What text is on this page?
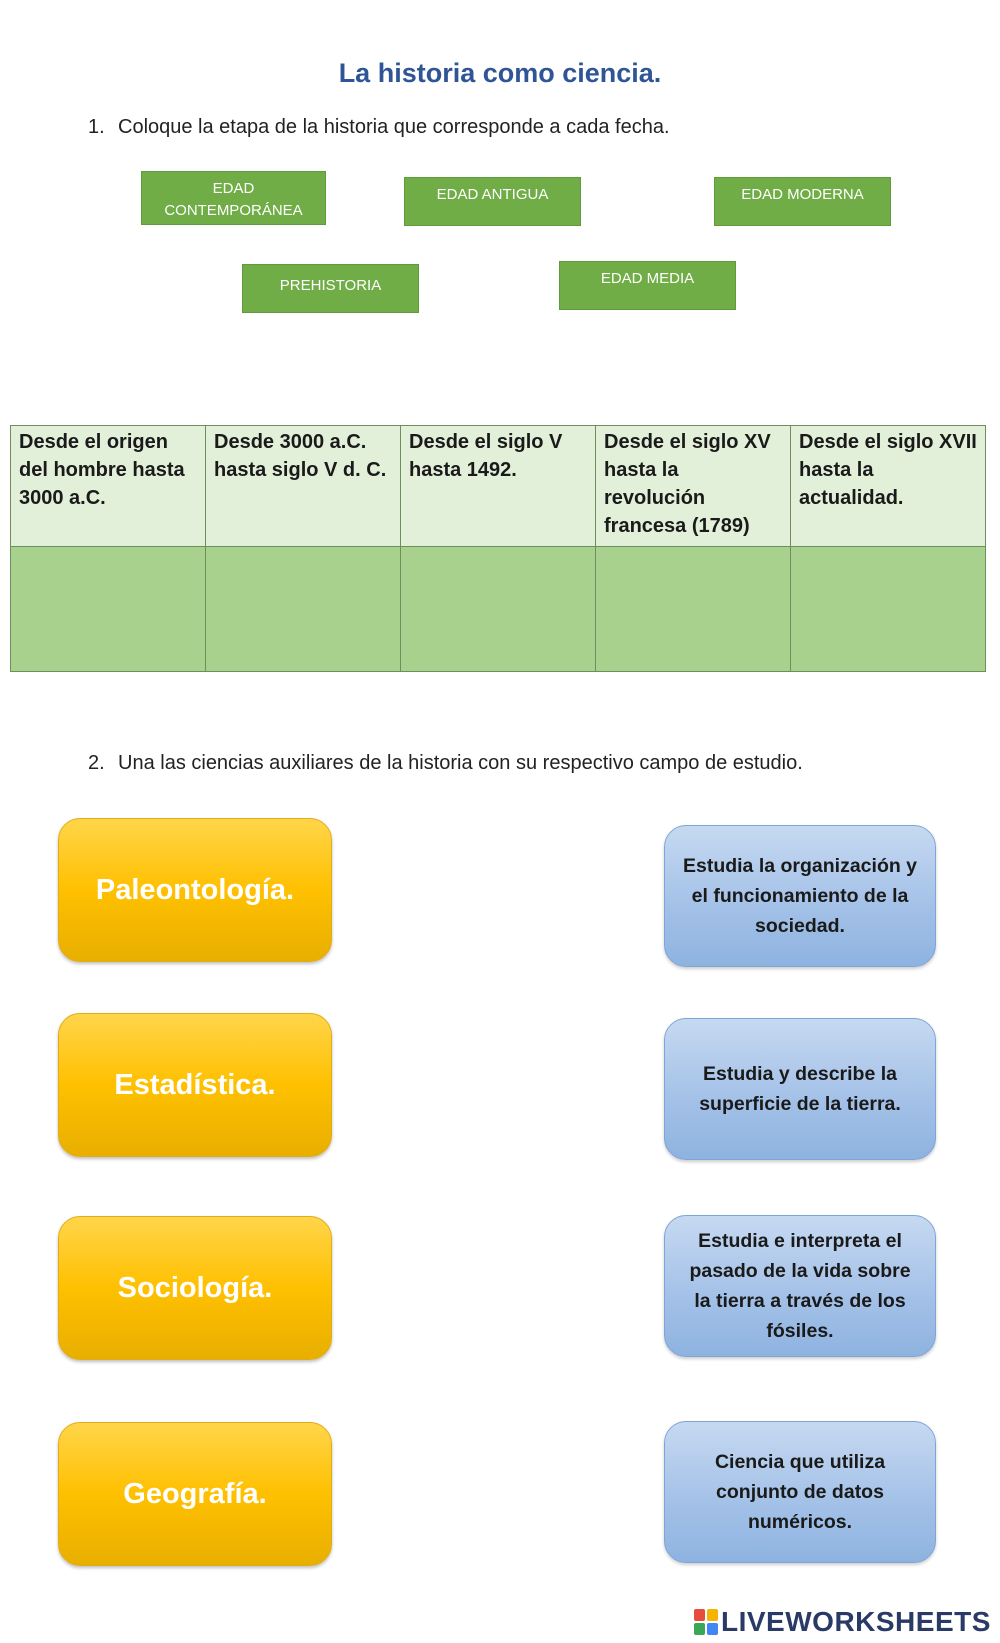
La historia como ciencia.
1. Coloque la etapa de la historia que corresponde a cada fecha.
EDAD CONTEMPORÁNEA
EDAD ANTIGUA	EDAD MODERNA
PREHISTORIA	EDAD MEDIA
Desde el origen del hombre hasta 3000 a.C.	Desde 3000 a.C. hasta siglo V d. C.	Desde el siglo V hasta 1492.	Desde el siglo XV hasta la revolución francesa (1789)	Desde el siglo XVII hasta la actualidad.

2. Una las ciencias auxiliares de la historia con su respectivo campo de estudio.
Paleontología.
Estadística.
Sociología.
Geografía.
Estudia la organización y el funcionamiento de la sociedad.
Estudia y describe la superficie de la tierra.
Estudia e interpreta el pasado de la vida sobre la tierra a través de los fósiles.
Ciencia que utiliza conjunto de datos numéricos.
LIVEWORKSHEETS
